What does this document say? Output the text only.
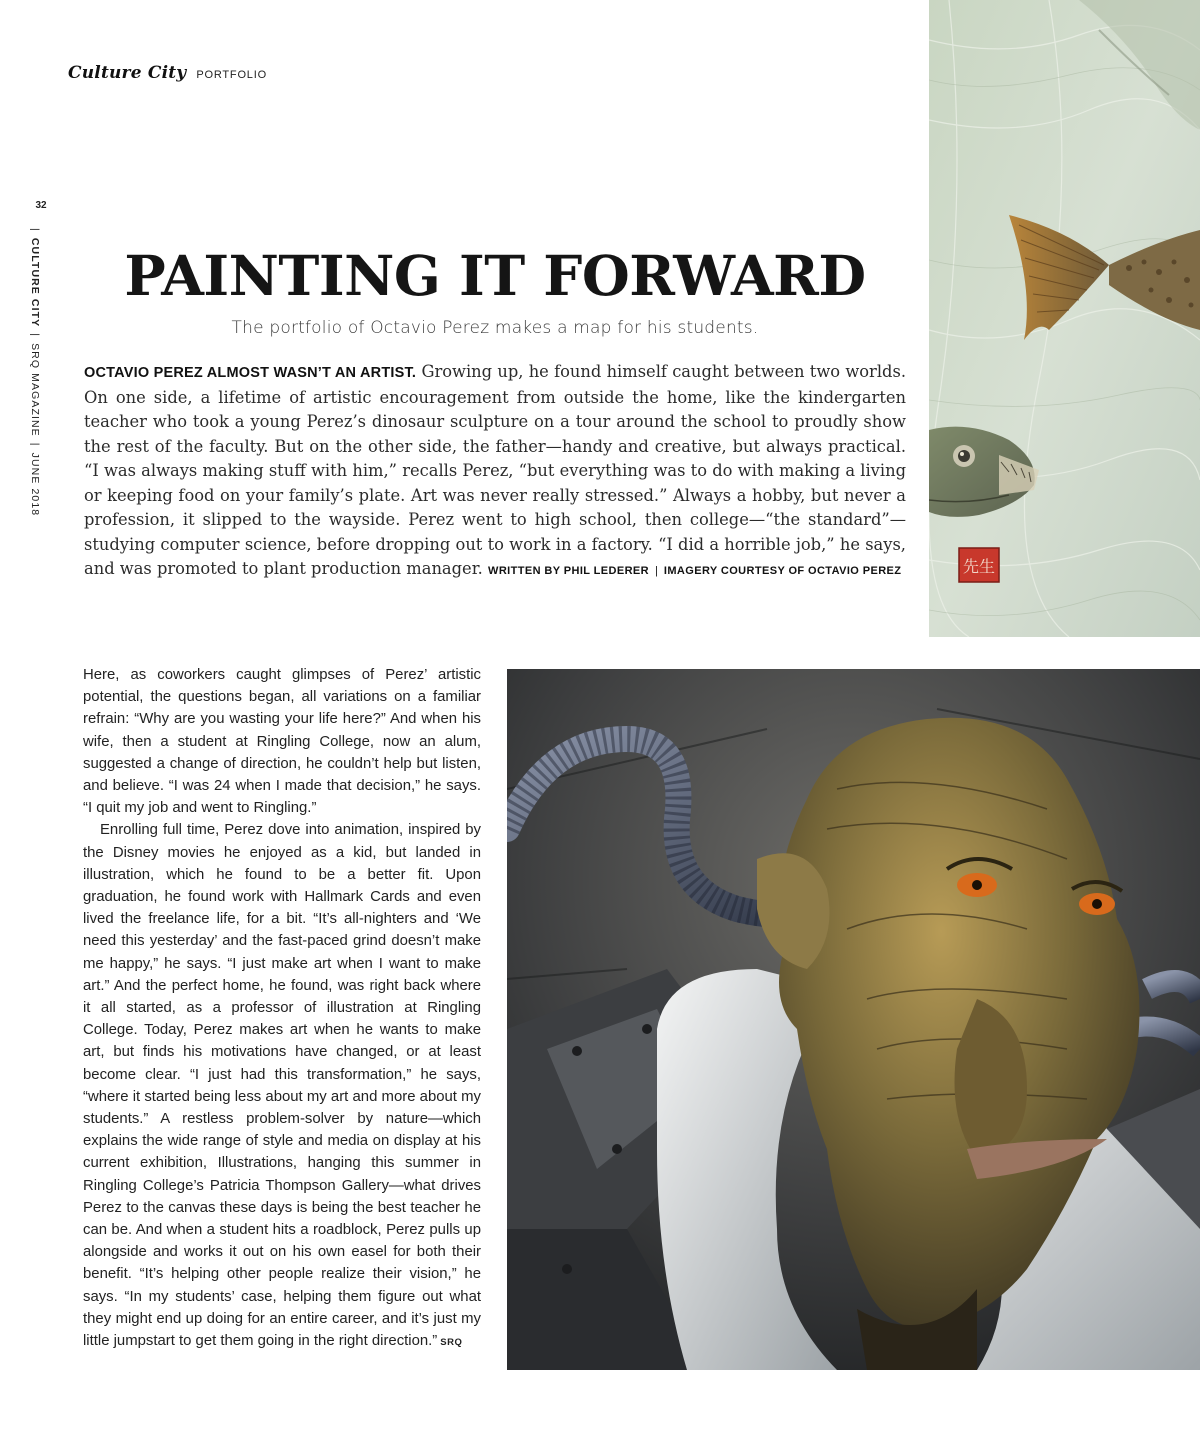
Culture City PORTFOLIO
32
|CULTURE CITY|SRQ MAGAZINE|JUNE 2018
先生
PAINTING IT FORWARD
The portfolio of Octavio Perez makes a map for his students.

OCTAVIO PEREZ ALMOST WASN’T AN ARTIST. Growing up, he found himself caught between two worlds. On one side, a lifetime of artistic encouragement from outside the home, like the kindergarten teacher who took a young Perez’s dinosaur sculpture on a tour around the school to proudly show the rest of the faculty. But on the other side, the father—handy and creative, but always practical. “I was always making stuff with him,” recalls Perez, “but everything was to do with making a living or keeping food on your family’s plate. Art was never really stressed.” Always a hobby, but never a profession, it slipped to the wayside. Perez went to high school, then college—“the standard”—studying computer science, before dropping out to work in a factory. “I did a horrible job,” he says, and was promoted to plant production manager. WRITTEN BY PHIL LEDERER | IMAGERY COURTESY OF OCTAVIO PEREZ

Here, as coworkers caught glimpses of Perez’ artistic potential, the questions began, all variations on a familiar refrain: “Why are you wasting your life here?” And when his wife, then a student at Ringling College, now an alum, suggested a change of direction, he couldn’t help but listen, and believe. “I was 24 when I made that decision,” he says. “I quit my job and went to Ringling.”

Enrolling full time, Perez dove into animation, inspired by the Disney movies he enjoyed as a kid, but landed in illustration, which he found to be a better fit. Upon graduation, he found work with Hallmark Cards and even lived the freelance life, for a bit. “It’s all-nighters and ‘We need this yesterday’ and the fast-paced grind doesn’t make me happy,” he says. “I just make art when I want to make art.” And the perfect home, he found, was right back where it all started, as a professor of illustration at Ringling College. Today, Perez makes art when he wants to make art, but finds his motivations have changed, or at least become clear. “I just had this transformation,” he says, “where it started being less about my art and more about my students.” A restless problem-solver by nature—which explains the wide range of style and media on display at his current exhibition, Illustrations, hanging this summer in Ringling College’s Patricia Thompson Gallery—what drives Perez to the canvas these days is being the best teacher he can be. And when a student hits a roadblock, Perez pulls up alongside and works it out on his own easel for both their benefit. “It’s helping other people realize their vision,” he says. “In my students’ case, helping them figure out what they might end up doing for an entire career, and it’s just my little jumpstart to get them going in the right direction.” SRQ
